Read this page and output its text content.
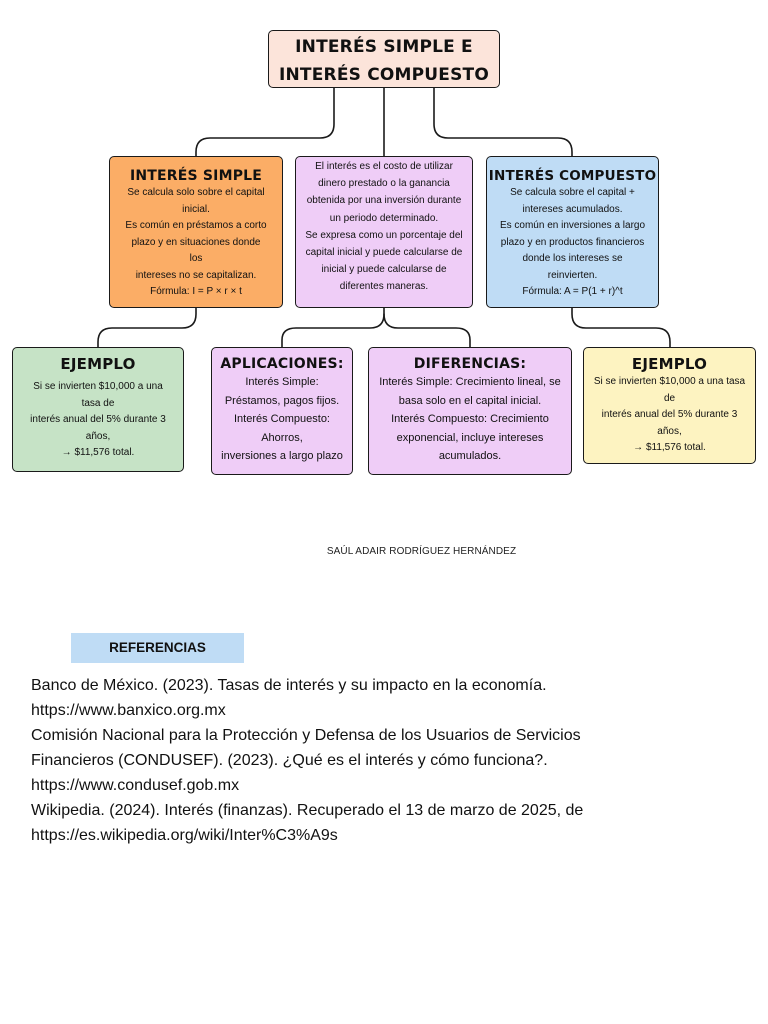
INTERÉS SIMPLE E
INTERÉS COMPUESTO
INTERÉS SIMPLE
Se calcula solo sobre el capital
inicial.
Es común en préstamos a corto
plazo y en situaciones donde
los
intereses no se capitalizan.
Fórmula: I = P × r × t
El interés es el costo de utilizar
dinero prestado o la ganancia
obtenida por una inversión durante
un periodo determinado.
Se expresa como un porcentaje del
capital inicial y puede calcularse de
inicial y puede calcularse de
diferentes maneras.
INTERÉS COMPUESTO
Se calcula sobre el capital +
intereses acumulados.
Es común en inversiones a largo
plazo y en productos financieros
donde los intereses se
reinvierten.
Fórmula: A = P(1 + r)^t
EJEMPLO
Si se invierten $10,000 a una
tasa de
interés anual del 5% durante 3
años,
→ $11,576 total.
APLICACIONES:
Interés Simple:
Préstamos, pagos fijos.
Interés Compuesto:
Ahorros,
inversiones a largo plazo
DIFERENCIAS:
Interés Simple: Crecimiento lineal, se
basa solo en el capital inicial.
Interés Compuesto: Crecimiento
exponencial, incluye intereses
acumulados.
EJEMPLO
Si se invierten $10,000 a una tasa
de
interés anual del 5% durante 3
años,
→ $11,576 total.
SAÚL ADAIR RODRÍGUEZ HERNÁNDEZ
REFERENCIAS
Banco de México. (2023). Tasas de interés y su impacto en la economía.
https://www.banxico.org.mx
Comisión Nacional para la Protección y Defensa de los Usuarios de Servicios
Financieros (CONDUSEF). (2023). ¿Qué es el interés y cómo funciona?.
https://www.condusef.gob.mx
Wikipedia. (2024). Interés (finanzas). Recuperado el 13 de marzo de 2025, de
https://es.wikipedia.org/wiki/Inter%C3%A9s
